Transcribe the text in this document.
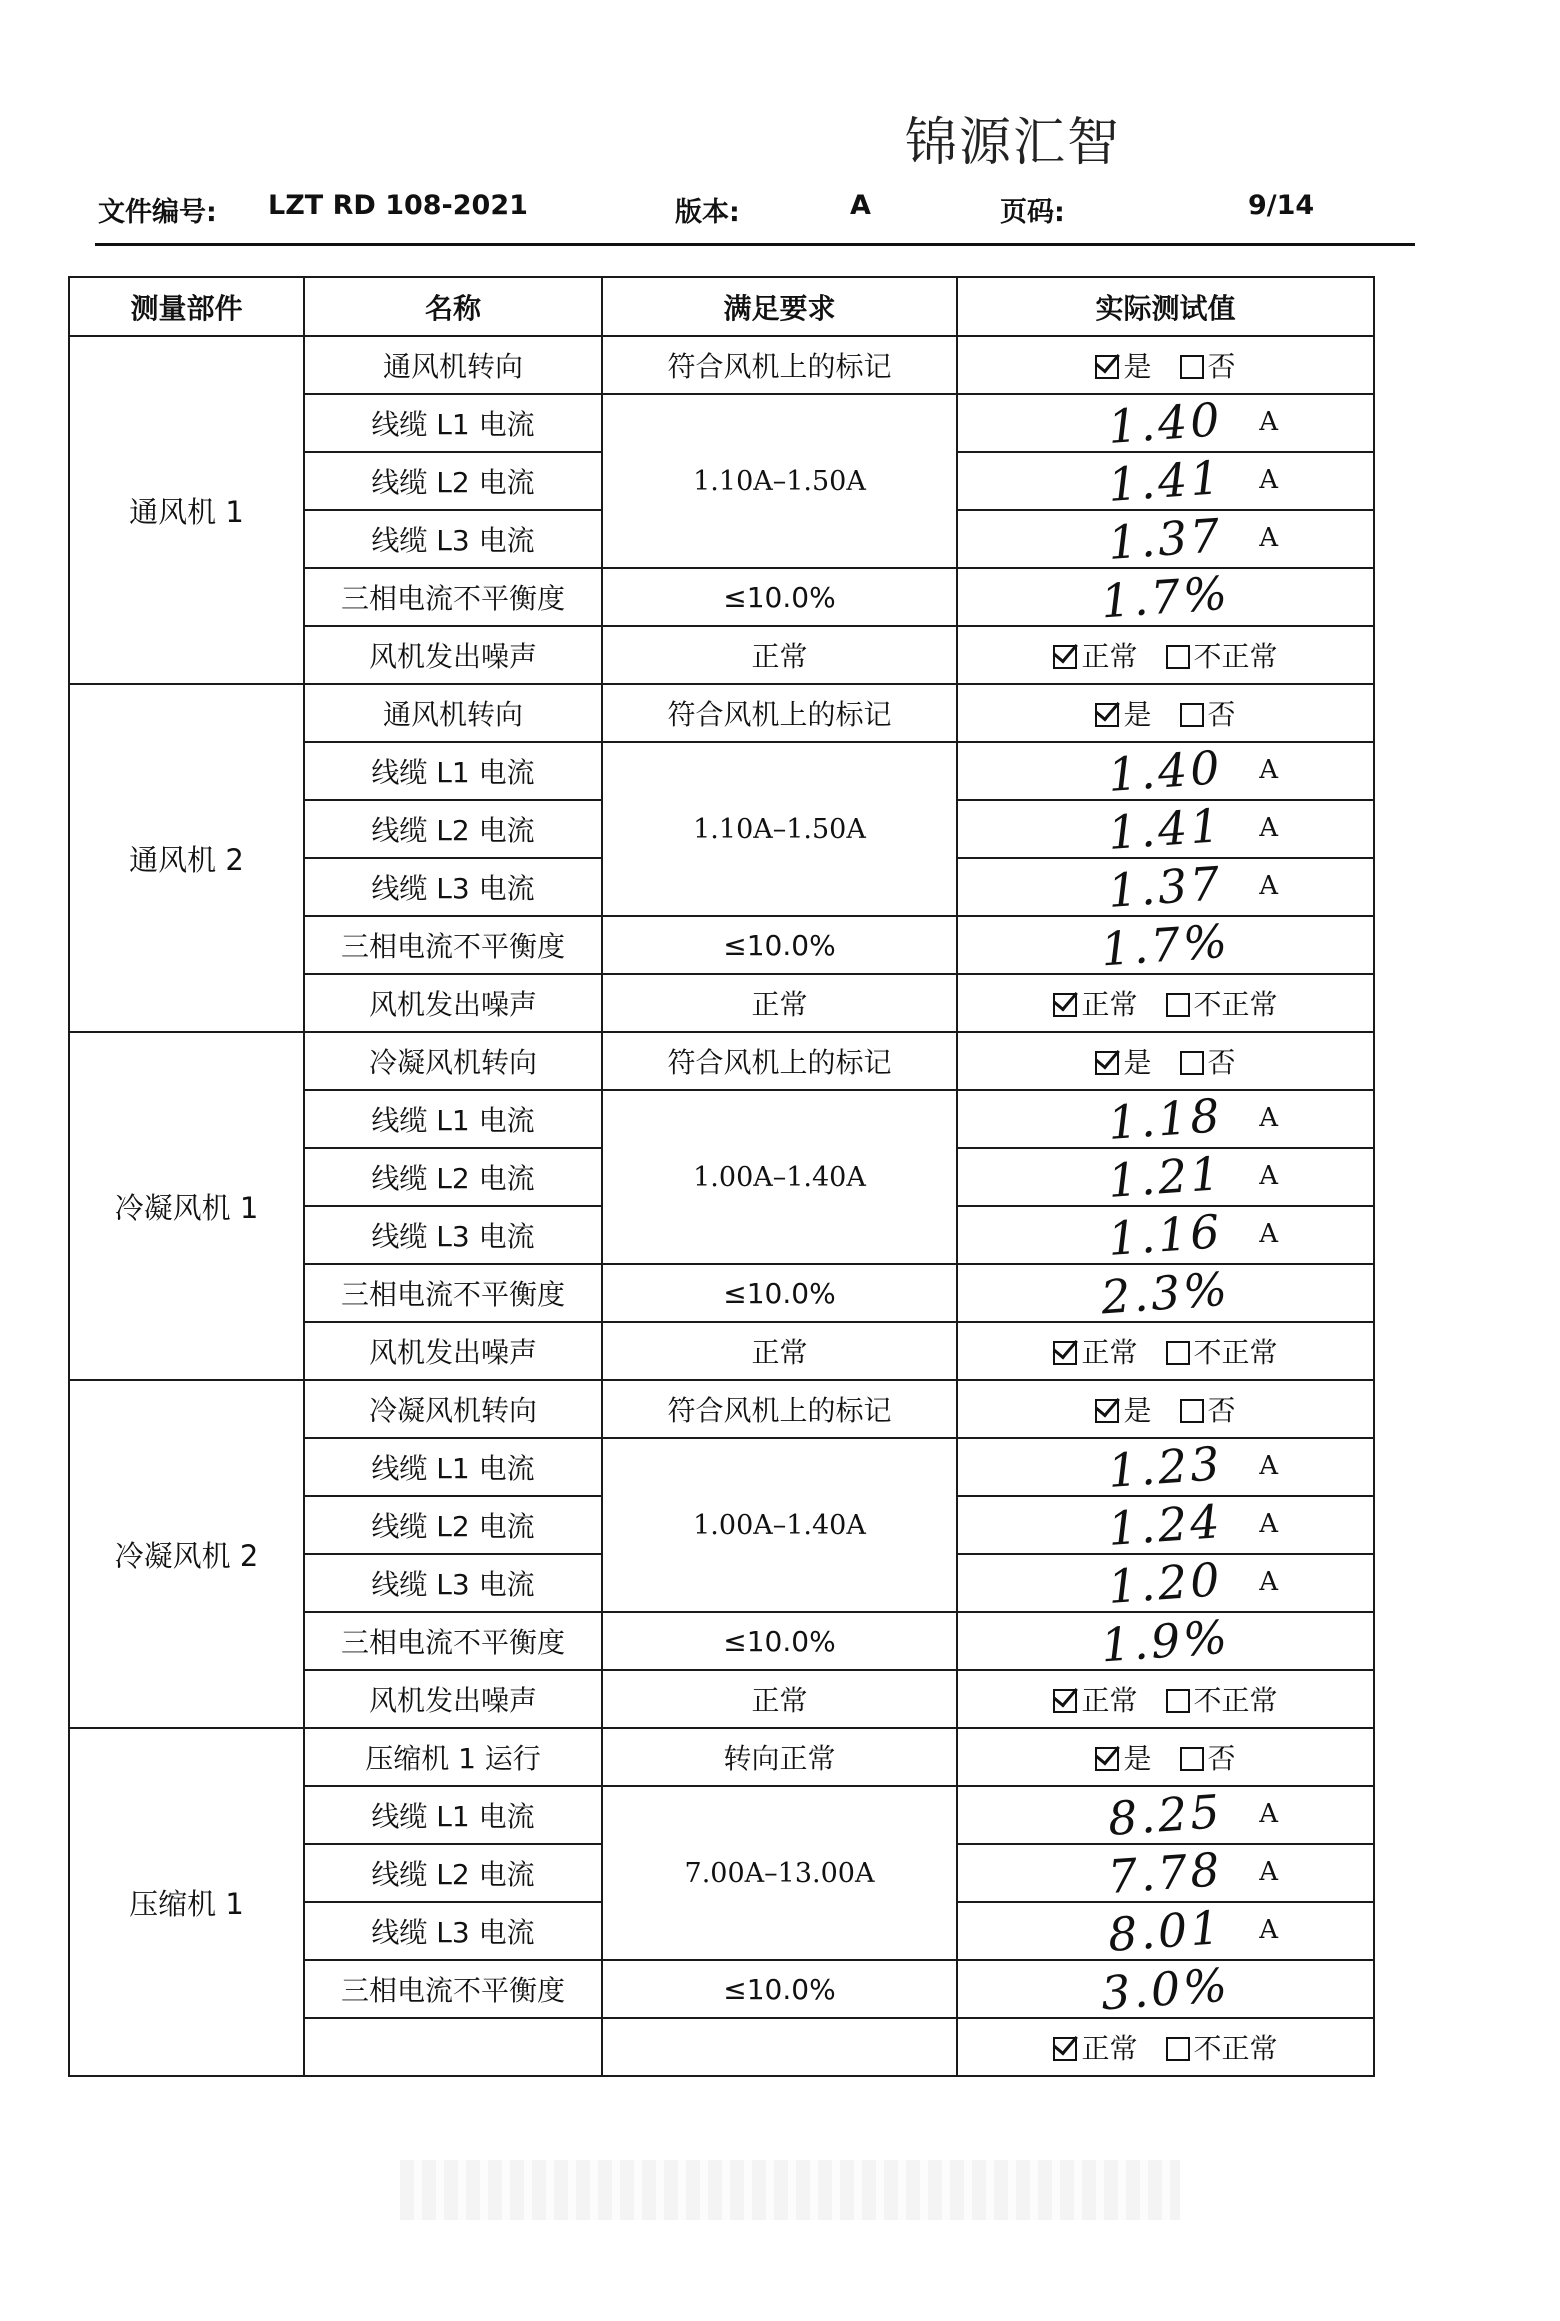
锦源汇智
文件编号: LZT RD 108-2021	版本:	A	页码:	9/14
测量部件	名称	满足要求	实际测试值
通风机 1	通风机转向	符合风机上的标记	是 否
	线缆 L1 电流	1.10A–1.50A	1.40 A

	线缆 L2 电流		1.41 A

	线缆 L3 电流		1.37 A

	三相电流不平衡度	≤10.0%	1.7%
	风机发出噪声	正常	正常 不正常
通风机 2	通风机转向	符合风机上的标记	是 否
	线缆 L1 电流	1.10A–1.50A	1.40 A

	线缆 L2 电流		1.41 A

	线缆 L3 电流		1.37 A

	三相电流不平衡度	≤10.0%	1.7%
	风机发出噪声	正常	正常 不正常
冷凝风机 1	冷凝风机转向	符合风机上的标记	是 否
	线缆 L1 电流	1.00A–1.40A	1.18 A

	线缆 L2 电流		1.21 A

	线缆 L3 电流		1.16 A

	三相电流不平衡度	≤10.0%	2.3%
	风机发出噪声	正常	正常 不正常
冷凝风机 2	冷凝风机转向	符合风机上的标记	是 否
	线缆 L1 电流	1.00A–1.40A	1.23 A

	线缆 L2 电流		1.24 A

	线缆 L3 电流		1.20 A

	三相电流不平衡度	≤10.0%	1.9%
	风机发出噪声	正常	正常 不正常
压缩机 1	压缩机 1 运行	转向正常	是 否
	线缆 L1 电流	7.00A–13.00A	8.25 A

	线缆 L2 电流		7.78 A

	线缆 L3 电流		8.01 A

	三相电流不平衡度	≤10.0%	3.0%
			正常 不正常
